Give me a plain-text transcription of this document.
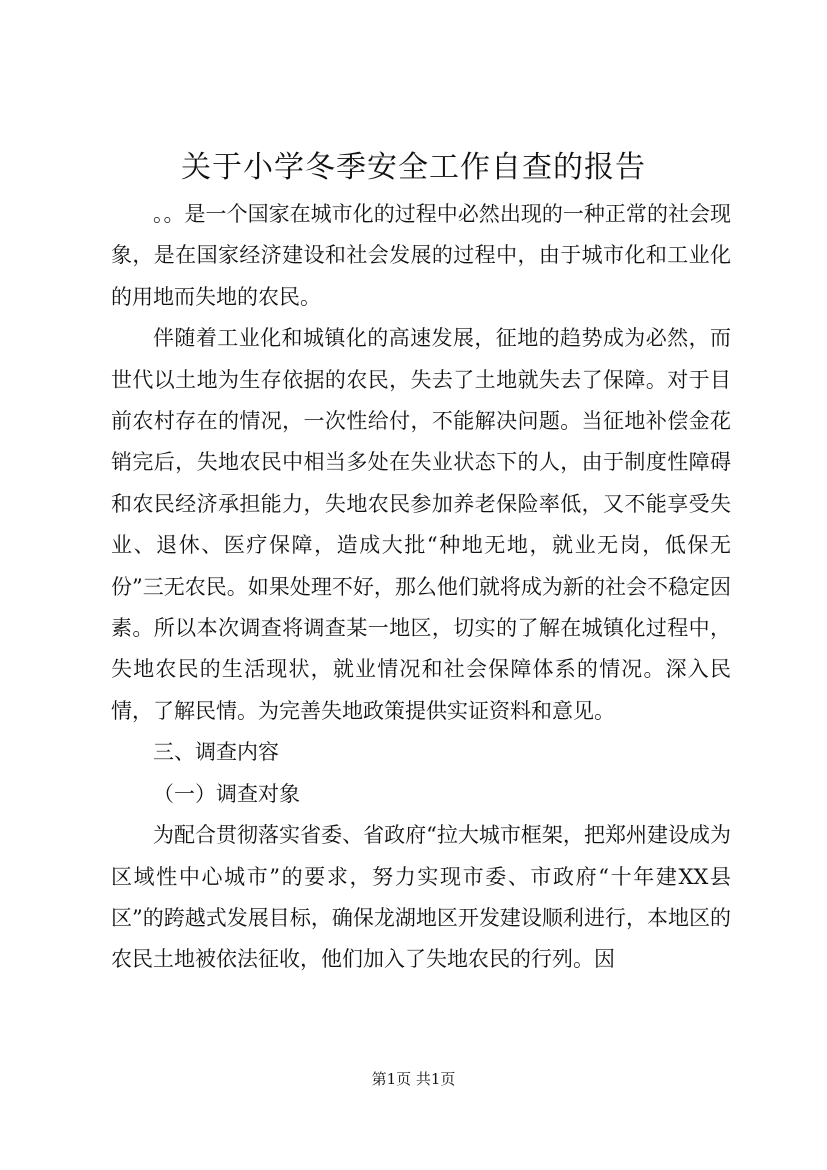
关于小学冬季安全工作自查的报告

。。是一个国家在城市化的过程中必然出现的一种正常的社会现象，是在国家经济建设和社会发展的过程中，由于城市化和工业化的用地而失地的农民。

伴随着工业化和城镇化的高速发展，征地的趋势成为必然，而世代以土地为生存依据的农民，失去了土地就失去了保障。对于目前农村存在的情况，一次性给付，不能解决问题。当征地补偿金花销完后，失地农民中相当多处在失业状态下的人，由于制度性障碍和农民经济承担能力，失地农民参加养老保险率低，又不能享受失业、退休、医疗保障，造成大批“种地无地，就业无岗，低保无份”三无农民。如果处理不好，那么他们就将成为新的社会不稳定因素。所以本次调查将调查某一地区，切实的了解在城镇化过程中，失地农民的生活现状，就业情况和社会保障体系的情况。深入民情，了解民情。为完善失地政策提供实证资料和意见。

三、调查内容

（一）调查对象

为配合贯彻落实省委、省政府“拉大城市框架，把郑州建设成为区域性中心城市”的要求，努力实现市委、市政府“十年建XX县区”的跨越式发展目标，确保龙湖地区开发建设顺利进行，本地区的农民土地被依法征收，他们加入了失地农民的行列。因

第1页 共1页
